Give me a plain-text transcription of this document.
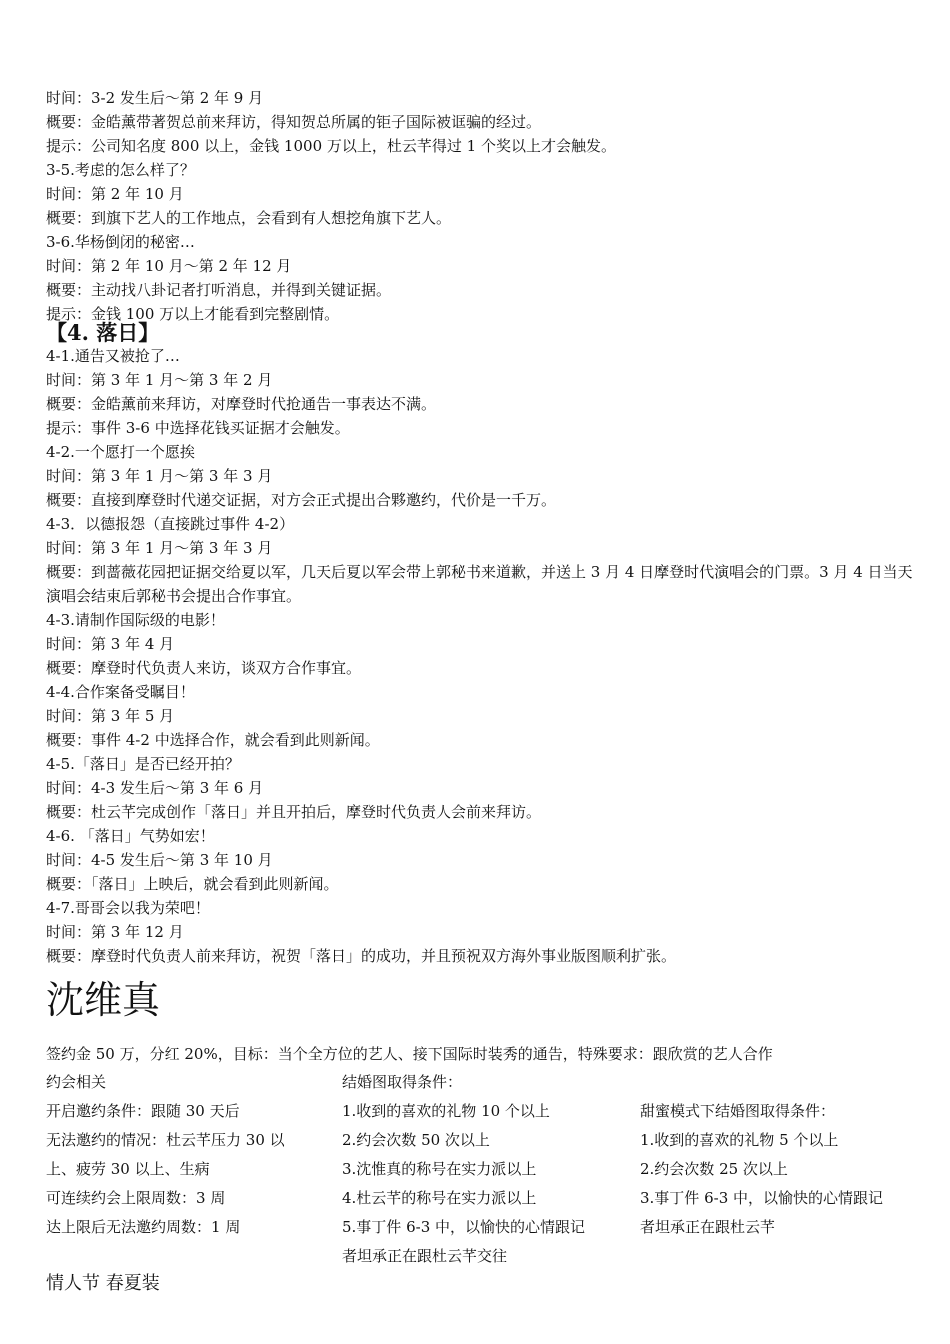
时间：3-2 发生后～第 2 年 9 月
概要：金皓薰带著贺总前来拜访，得知贺总所属的钜子国际被诓骗的经过。
提示：公司知名度 800 以上，金钱 1000 万以上，杜云芊得过 1 个奖以上才会触发。
3-5.考虑的怎么样了？
时间：第 2 年 10 月
概要：到旗下艺人的工作地点，会看到有人想挖角旗下艺人。
3-6.华杨倒闭的秘密…
时间：第 2 年 10 月～第 2 年 12 月
概要：主动找八卦记者打听消息，并得到关键证据。
提示：金钱 100 万以上才能看到完整剧情。
【4. 落日】
4-1.通告又被抢了…
时间：第 3 年 1 月～第 3 年 2 月
概要：金皓薰前来拜访，对摩登时代抢通告一事表达不满。
提示：事件 3-6 中选择花钱买证据才会触发。
4-2.一个愿打一个愿挨
时间：第 3 年 1 月～第 3 年 3 月
概要：直接到摩登时代递交证据，对方会正式提出合夥邀约，代价是一千万。
4-3．以德报怨（直接跳过事件 4-2）
时间：第 3 年 1 月～第 3 年 3 月
概要：到蔷薇花园把证据交给夏以军，几天后夏以军会带上郭秘书来道歉，并送上 3 月 4 日摩登时代演唱会的门票。3 月 4 日当天演唱会结束后郭秘书会提出合作事宜。
4-3.请制作国际级的电影！
时间：第 3 年 4 月
概要：摩登时代负责人来访，谈双方合作事宜。
4-4.合作案备受瞩目！
时间：第 3 年 5 月
概要：事件 4-2 中选择合作，就会看到此则新闻。
4-5.「落日」是否已经开拍？
时间：4-3 发生后～第 3 年 6 月
概要：杜云芊完成创作「落日」并且开拍后，摩登时代负责人会前来拜访。
4-6. 「落日」气势如宏！
时间：4-5 发生后～第 3 年 10 月
概要：「落日」上映后，就会看到此则新闻。
4-7.哥哥会以我为荣吧！
时间：第 3 年 12 月
概要：摩登时代负责人前来拜访，祝贺「落日」的成功，并且预祝双方海外事业版图顺利扩张。
沈维真
签约金 50 万，分红 20%，目标：当个全方位的艺人、接下国际时装秀的通告，特殊要求：跟欣赏的艺人合作
约会相关
开启邀约条件：跟随 30 天后
无法邀约的情况：杜云芊压力 30 以
上、疲劳 30 以上、生病
可连续约会上限周数：3 周
达上限后无法邀约周数：1 周
结婚图取得条件：
1.收到的喜欢的礼物 10 个以上
2.约会次数 50 次以上
3.沈惟真的称号在实力派以上
4.杜云芊的称号在实力派以上
5.事丁件 6-3 中，以愉快的心情跟记
者坦承正在跟杜云芊交往

甜蜜模式下结婚图取得条件：
1.收到的喜欢的礼物 5 个以上
2.约会次数 25 次以上
3.事丁件 6-3 中，以愉快的心情跟记
者坦承正在跟杜云芊
情人节 春夏装
